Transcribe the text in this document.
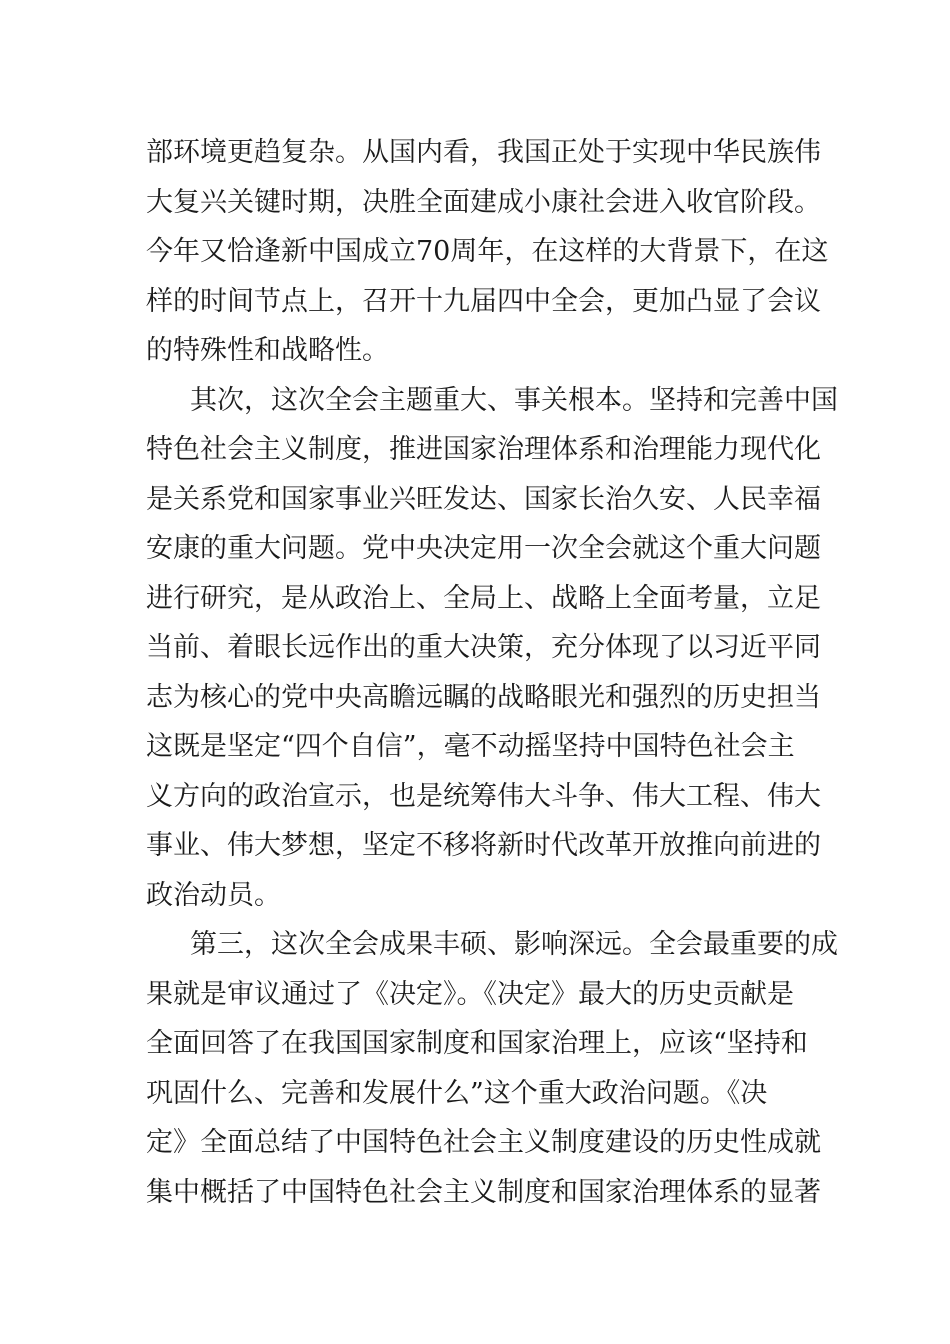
部环境更趋复杂。从国内看，我国正处于实现中华民族伟
大复兴关键时期，决胜全面建成小康社会进入收官阶段。
今年又恰逢新中国成立70周年，在这样的大背景下，在这
样的时间节点上，召开十九届四中全会，更加凸显了会议
的特殊性和战略性。
其次，这次全会主题重大、事关根本。坚持和完善中国
特色社会主义制度，推进国家治理体系和治理能力现代化
是关系党和国家事业兴旺发达、国家长治久安、人民幸福
安康的重大问题。党中央决定用一次全会就这个重大问题
进行研究，是从政治上、全局上、战略上全面考量，立足
当前、着眼长远作出的重大决策，充分体现了以习近平同
志为核心的党中央高瞻远瞩的战略眼光和强烈的历史担当
这既是坚定“四个自信”，毫不动摇坚持中国特色社会主
义方向的政治宣示，也是统筹伟大斗争、伟大工程、伟大
事业、伟大梦想，坚定不移将新时代改革开放推向前进的
政治动员。
第三，这次全会成果丰硕、影响深远。全会最重要的成
果就是审议通过了《决定》。《决定》最大的历史贡献是
全面回答了在我国国家制度和国家治理上，应该“坚持和
巩固什么、完善和发展什么”这个重大政治问题。《决
定》全面总结了中国特色社会主义制度建设的历史性成就
集中概括了中国特色社会主义制度和国家治理体系的显著
